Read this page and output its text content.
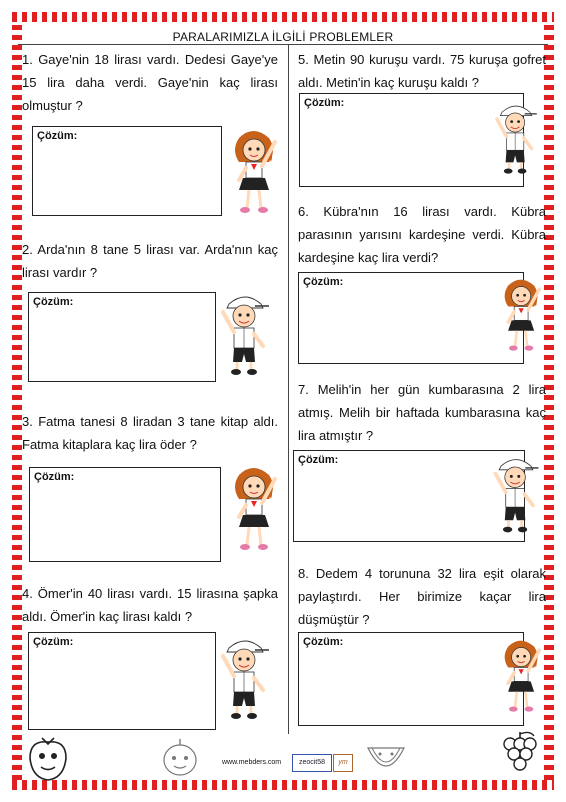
PARALARIMIZLA İLGİLİ PROBLEMLER
1. Gaye'nin 18 lirası vardı. Dedesi Gaye'ye 15 lira daha verdi. Gaye'nin kaç lirası olmuştur ?
Çözüm:
2. Arda'nın 8 tane 5 lirası var. Arda'nın kaç lirası vardır ?
Çözüm:
3. Fatma tanesi 8 liradan 3 tane kitap aldı. Fatma kitaplara kaç lira öder ?
Çözüm:
4. Ömer'in 40 lirası vardı. 15 lirasına şapka aldı. Ömer'in kaç lirası kaldı ?
Çözüm:
5. Metin 90 kuruşu vardı. 75 kuruşa gofret aldı. Metin'in kaç kuruşu kaldı ?
Çözüm:
6. Kübra'nın 16 lirası vardı. Kübra parasının yarısını kardeşine verdi. Kübra kardeşine kaç lira verdi?
Çözüm:
7. Melih'in her gün kumbarasına 2 lira atmış. Melih bir haftada kumbarasına kaç lira atmıştır ?
Çözüm:
8. Dedem 4 torununa 32 lira eşit olarak paylaştırdı. Her birimize kaçar lira düşmüştür ?
Çözüm:
www.mebders.com	zeocit58	ym
